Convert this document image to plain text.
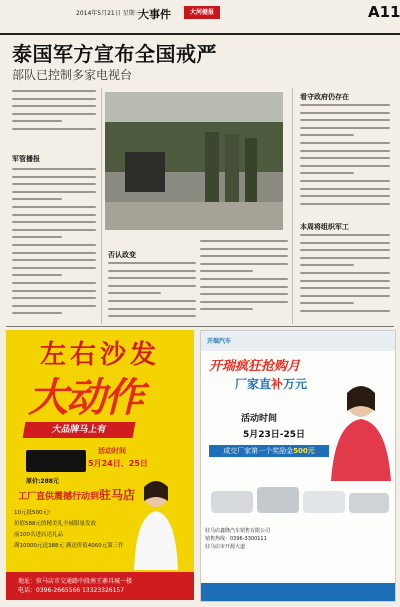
2014年5月21日 星期三
大事件	大河健报	A11
泰国军方宣布全国戒严
部队已控制多家电视台
军管播报
否认政变
看守政府仍存在
本周将组织军工
左右沙发
大动作
大品牌马上有
活动时间
5月24日、25日
原价:288元
工厂直供震撼行动到驻马店
10元抵500元!
价值588元的精美礼全城限量发放
前100名进店送礼品
满10000元送388元 满送价值4060元第三件
地址：驻马店市交通路中段南王寨具城一楼
电话：0396-2665566 13323326157
开瑞汽车
开瑞疯狂抢购月
厂家直补万元
活动时间
5月23日-25日
成交厂家第一个奖励金500元
驻马店鑫隆汽车销售有限公司
销售热线：0396-3300111
驻马店市开源大道
